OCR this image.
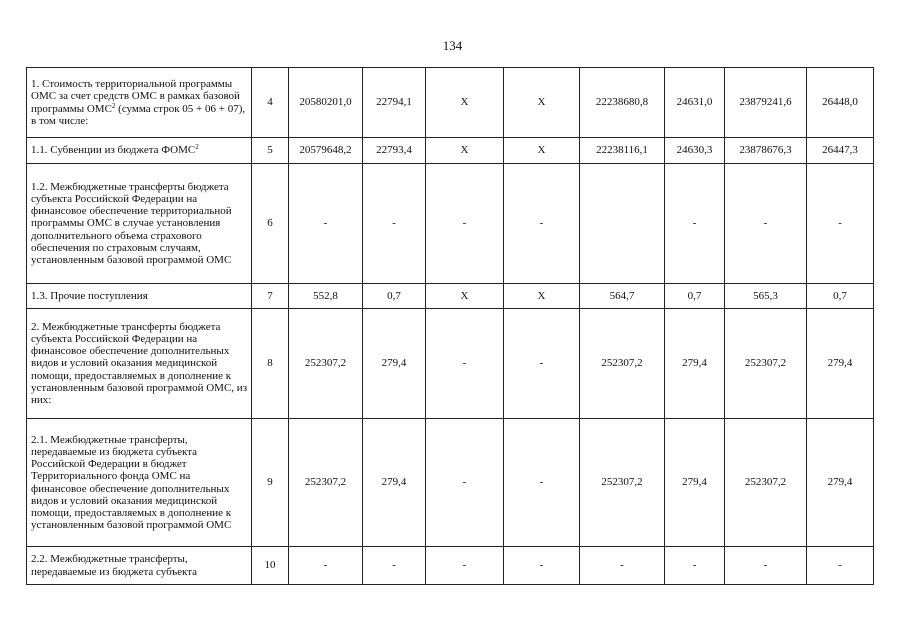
134
1. Стоимость территориальной программы ОМС за счет средств ОМС в рамках базовой программы ОМС$^2$ (сумма строк 05 + 06 + 07), в том числе:	4	20580201,0	22794,1	X	X	22238680,8	24631,0	23879241,6	26448,0
1.1. Субвенции из бюджета ФОМС$^2$	5	20579648,2	22793,4	X	X	22238116,1	24630,3	23878676,3	26447,3
1.2. Межбюджетные трансферты бюджета субъекта Российской Федерации на финансовое обеспечение территориальной программы ОМС в случае установления дополнительного объема страхового обеспечения по страховым случаям, установленным базовой программой ОМС	6	-	-	-	-		-	-	-
1.3. Прочие поступления	7	552,8	0,7	X	X	564,7	0,7	565,3	0,7
2. Межбюджетные трансферты бюджета субъекта Российской Федерации на финансовое обеспечение дополнительных видов и условий оказания медицинской помощи, предоставляемых в дополнение к установленным базовой программой ОМС, из них:	8	252307,2	279,4	-	-	252307,2	279,4	252307,2	279,4
2.1. Межбюджетные трансферты, передаваемые из бюджета субъекта Российской Федерации в бюджет Территориального фонда ОМС на финансовое обеспечение дополнительных видов и условий оказания медицинской помощи, предоставляемых в дополнение к установленным базовой программой ОМС	9	252307,2	279,4	-	-	252307,2	279,4	252307,2	279,4
2.2. Межбюджетные трансферты, передаваемые из бюджета субъекта	10	-	-	-	-	-	-	-	-
